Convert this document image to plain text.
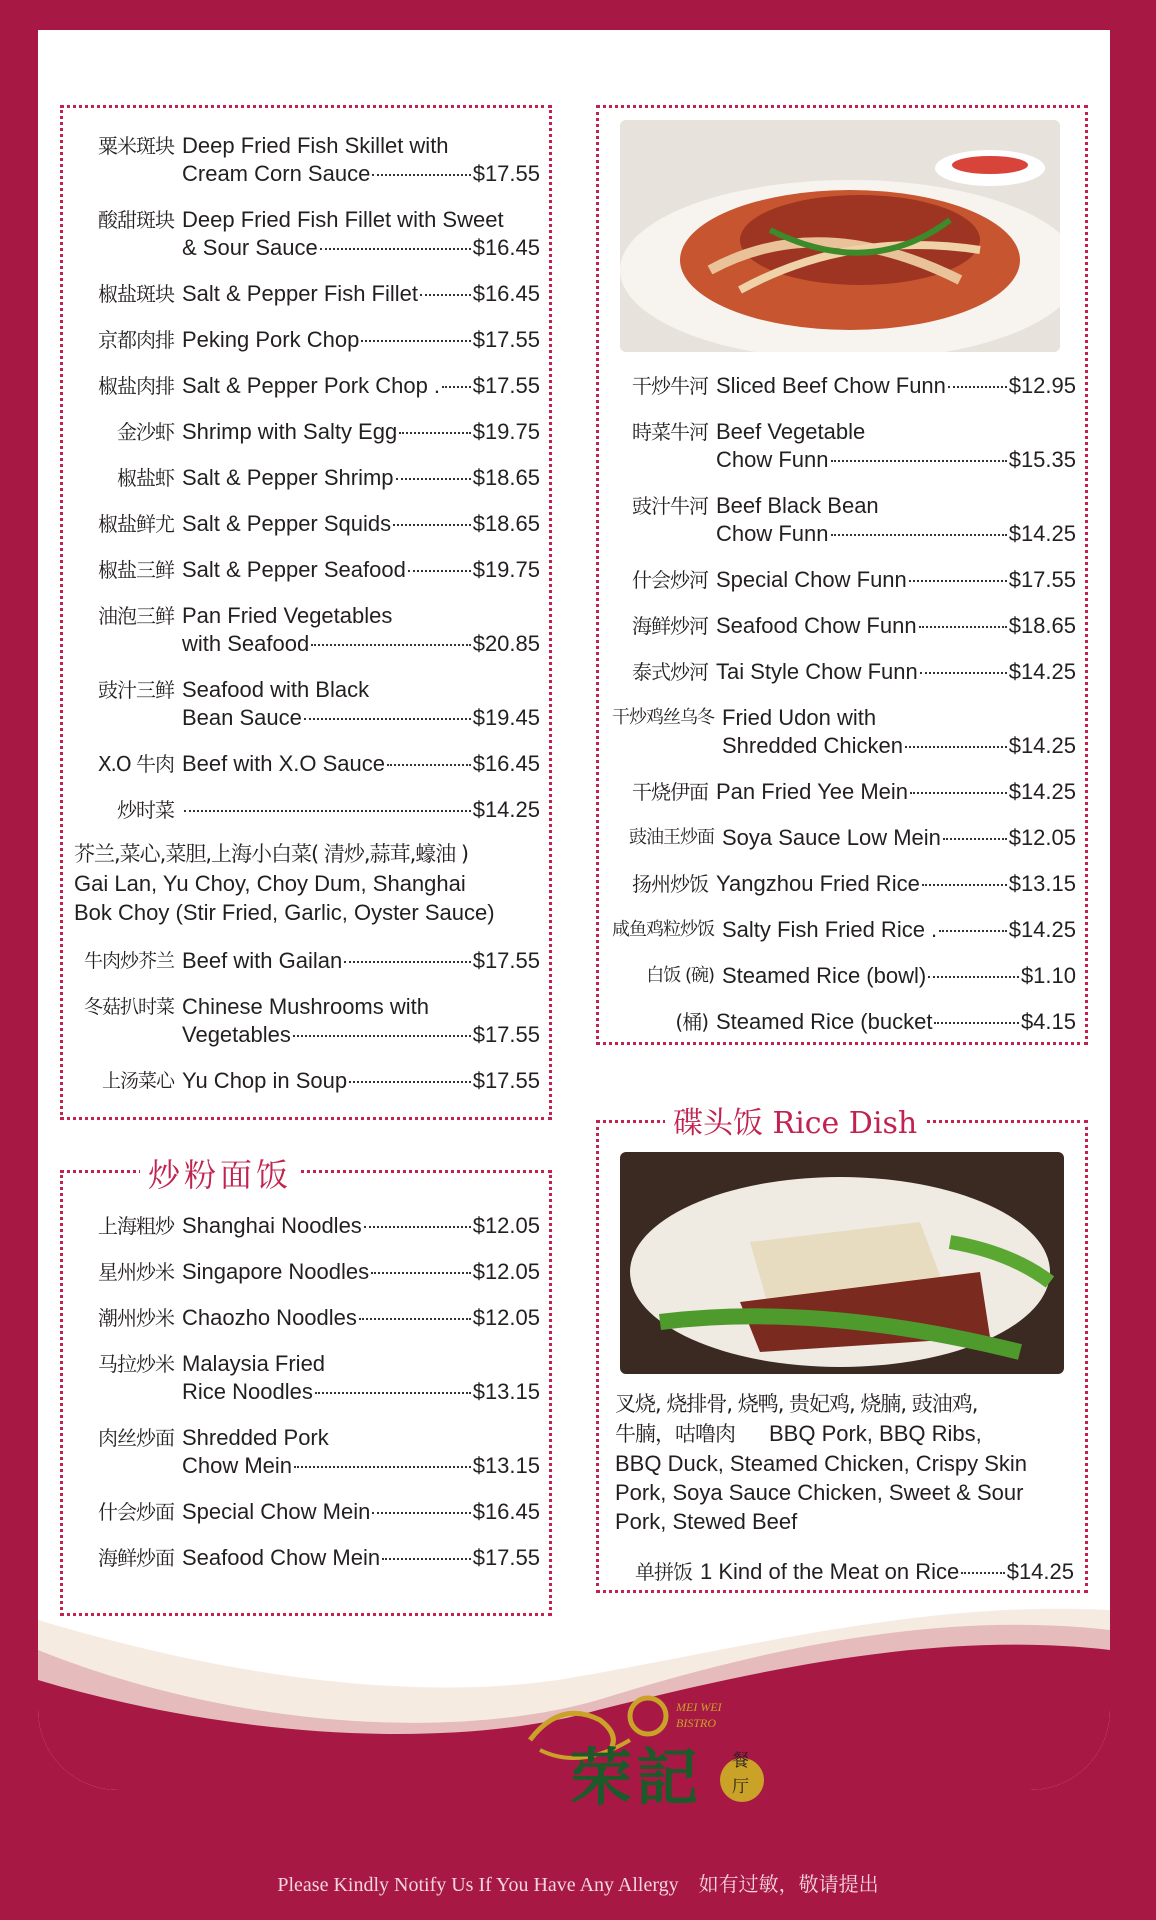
炒粉面饭
碟头饭 Rice Dish
叉烧, 烧排骨, 烧鸭, 贵妃鸡, 烧腩, 豉油鸡,
牛腩，咕噜肉 BBQ Pork, BBQ Ribs,
BBQ Duck, Steamed Chicken, Crispy Skin
Pork, Soya Sauce Chicken, Sweet & Sour
Pork, Stewed Beef
单拼饭 1 Kind of the Meat on Rice $14.25
MEI WEI
BISTRO
荣記 餐
厅
Please Kindly Notify Us If You Have Any Allergy    如有过敏，敬请提出
粟米斑块 Deep Fried Fish Skillet with
Cream Corn Sauce	$17.55
酸甜斑块 Deep Fried Fish Fillet with Sweet
& Sour Sauce	$16.45
椒盐斑块 Salt & Pepper Fish Fillet $16.45
京都肉排 Peking Pork Chop	$17.55
椒盐肉排 Salt & Pepper Pork Chop . $17.55
金沙虾 Shrimp with Salty Egg	$19.75
椒盐虾 Salt & Pepper Shrimp	$18.65
椒盐鲜尤 Salt & Pepper Squids	$18.65
椒盐三鲜 Salt & Pepper Seafood	$19.75
油泡三鲜 Pan Fried Vegetables
with Seafood	$20.85
豉汁三鲜 Seafood with Black
Bean Sauce	$19.45
X.O 牛肉 Beef with X.O Sauce	$16.45
炒时菜	$14.25
芥兰,菜心,菜胆,上海小白菜( 清炒,蒜茸,蠔油 )
Gai Lan, Yu Choy, Choy Dum, Shanghai
Bok Choy (Stir Fried, Garlic, Oyster Sauce)
牛肉炒芥兰 Beef with Gailan	$17.55
冬菇扒时菜 Chinese Mushrooms with
Vegetables	$17.55
上汤菜心 Yu Chop in Soup	$17.55
上海粗炒 Shanghai Noodles	$12.05
星州炒米 Singapore Noodles	$12.05
潮州炒米 Chaozho Noodles	$12.05
马拉炒米 Malaysia Fried
Rice Noodles	$13.15
肉丝炒面 Shredded Pork
Chow Mein	$13.15
什会炒面 Special Chow Mein	$16.45
海鲜炒面 Seafood Chow Mein	$17.55
干炒牛河 Sliced Beef Chow Funn	$12.95
時菜牛河 Beef Vegetable
Chow Funn	$15.35
豉汁牛河 Beef Black Bean
Chow Funn	$14.25
什会炒河 Special Chow Funn	$17.55
海鲜炒河 Seafood Chow Funn	$18.65
泰式炒河 Tai Style Chow Funn	$14.25
干炒鸡丝乌冬 Fried Udon with
Shredded Chicken	$14.25
干烧伊面 Pan Fried Yee Mein	$14.25
豉油王炒面 Soya Sauce Low Mein	$12.05
扬州炒饭 Yangzhou Fried Rice	$13.15
咸鱼鸡粒炒饭 Salty Fish Fried Rice .	$14.25
白饭 (碗) Steamed Rice (bowl)	$1.10
(桶) Steamed Rice (bucket	$4.15
